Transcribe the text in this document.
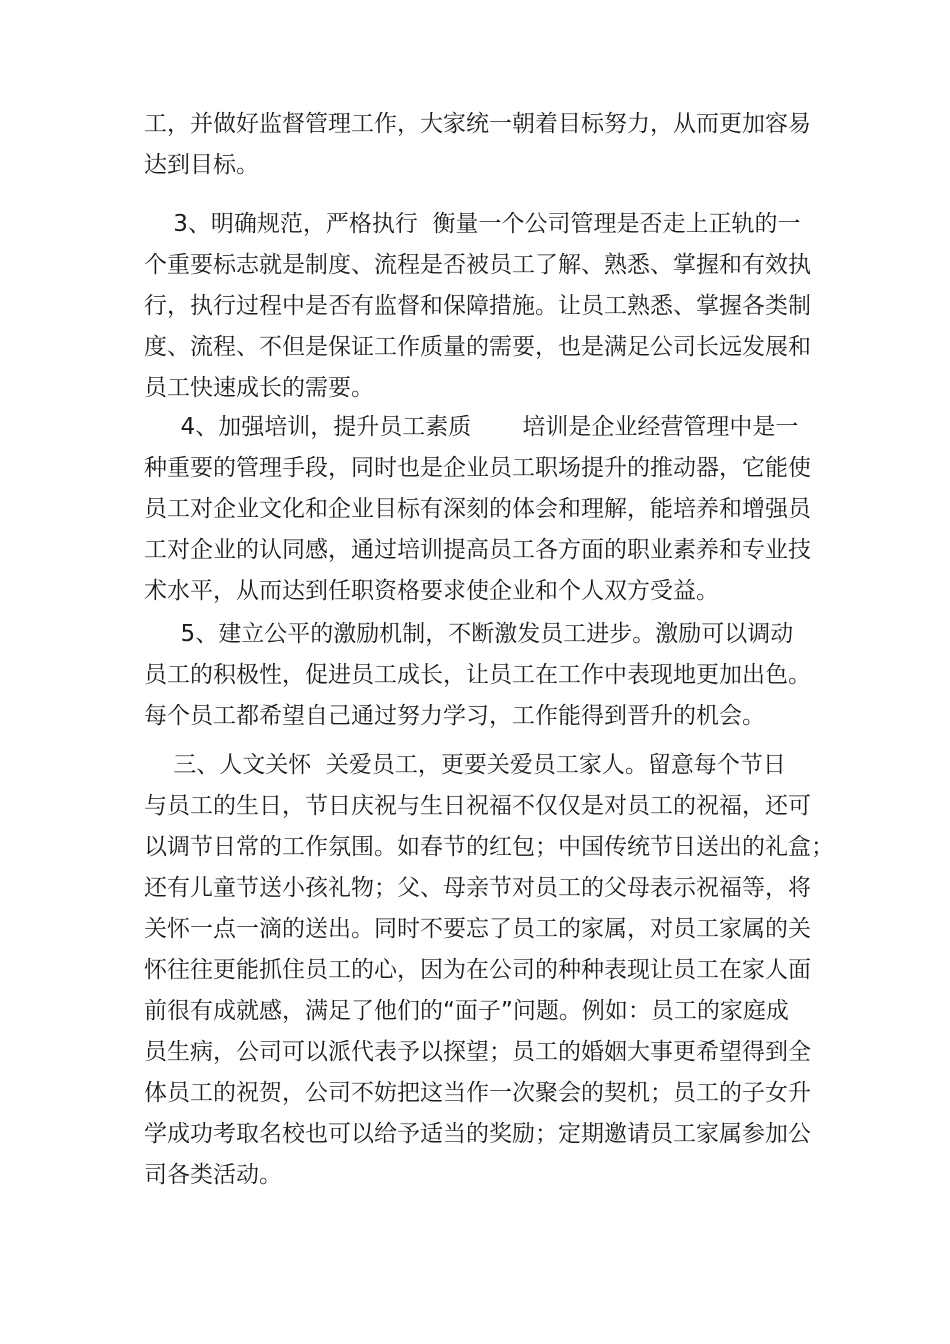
工，并做好监督管理工作，大家统一朝着目标努力，从而更加容易
达到目标。
3、明确规范，严格执行  衡量一个公司管理是否走上正轨的一
个重要标志就是制度、流程是否被员工了解、熟悉、掌握和有效执
行，执行过程中是否有监督和保障措施。让员工熟悉、掌握各类制
度、流程、不但是保证工作质量的需要，也是满足公司长远发展和
员工快速成长的需要。
4、加强培训，提升员工素质       培训是企业经营管理中是一
种重要的管理手段，同时也是企业员工职场提升的推动器，它能使
员工对企业文化和企业目标有深刻的体会和理解，能培养和增强员
工对企业的认同感，通过培训提高员工各方面的职业素养和专业技
术水平，从而达到任职资格要求使企业和个人双方受益。
5、建立公平的激励机制，不断激发员工进步。激励可以调动
员工的积极性，促进员工成长，让员工在工作中表现地更加出色。
每个员工都希望自己通过努力学习，工作能得到晋升的机会。
三、人文关怀  关爱员工，更要关爱员工家人。留意每个节日
与员工的生日，节日庆祝与生日祝福不仅仅是对员工的祝福，还可
以调节日常的工作氛围。如春节的红包；中国传统节日送出的礼盒；
还有儿童节送小孩礼物；父、母亲节对员工的父母表示祝福等，将
关怀一点一滴的送出。同时不要忘了员工的家属，对员工家属的关
怀往往更能抓住员工的心，因为在公司的种种表现让员工在家人面
前很有成就感，满足了他们的“面子”问题。例如：员工的家庭成
员生病，公司可以派代表予以探望；员工的婚姻大事更希望得到全
体员工的祝贺，公司不妨把这当作一次聚会的契机；员工的子女升
学成功考取名校也可以给予适当的奖励；定期邀请员工家属参加公
司各类活动。
